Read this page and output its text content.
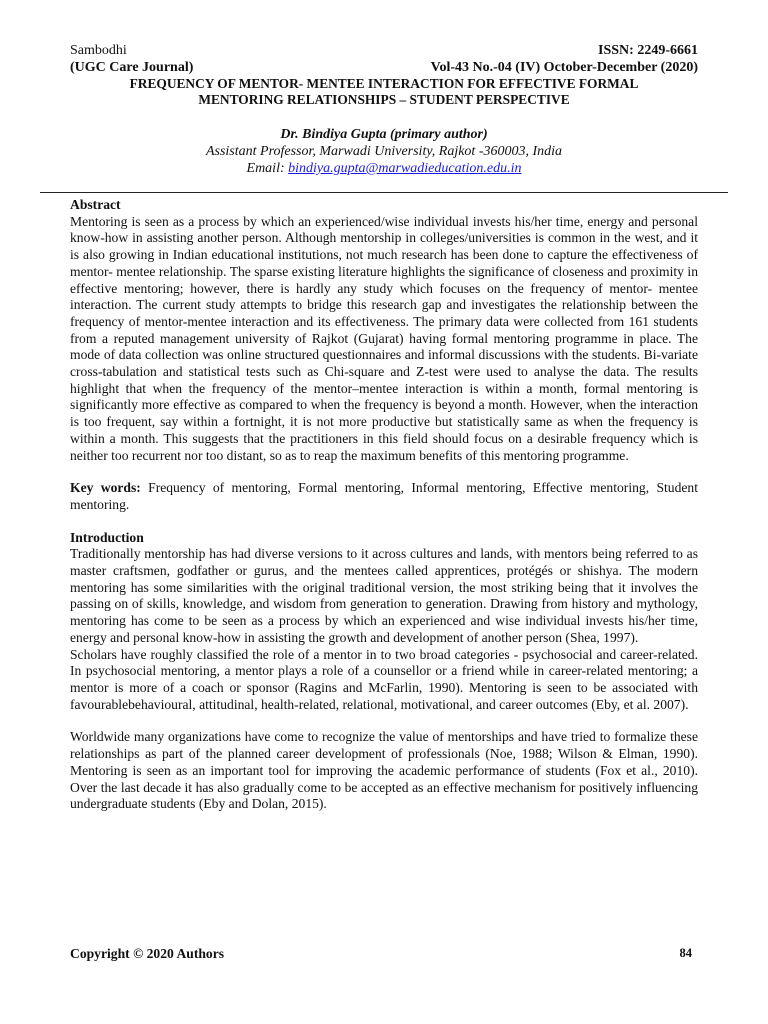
Sambodhi	ISSN: 2249-6661
(UGC Care Journal)	Vol-43 No.-04 (IV) October-December (2020)
FREQUENCY OF MENTOR- MENTEE INTERACTION FOR EFFECTIVE FORMAL
MENTORING RELATIONSHIPS – STUDENT PERSPECTIVE
Dr. Bindiya Gupta (primary author)
Assistant Professor, Marwadi University, Rajkot -360003, India
Email: bindiya.gupta@marwadieducation.edu.in
Abstract

Mentoring is seen as a process by which an experienced/wise individual invests his/her time, energy and personal know-how in assisting another person. Although mentorship in colleges/universities is common in the west, and it is also growing in Indian educational institutions, not much research has been done to capture the effectiveness of mentor- mentee relationship. The sparse existing literature highlights the significance of closeness and proximity in effective mentoring; however, there is hardly any study which focuses on the frequency of mentor- mentee interaction. The current study attempts to bridge this research gap and investigates the relationship between the frequency of mentor-mentee interaction and its effectiveness. The primary data were collected from 161 students from a reputed management university of Rajkot (Gujarat) having formal mentoring programme in place. The mode of data collection was online structured questionnaires and informal discussions with the students. Bi-variate cross-tabulation and statistical tests such as Chi-square and Z-test were used to analyse the data. The results highlight that when the frequency of the mentor–mentee interaction is within a month, formal mentoring is significantly more effective as compared to when the frequency is beyond a month. However, when the interaction is too frequent, say within a fortnight, it is not more productive but statistically same as when the frequency is within a month. This suggests that the practitioners in this field should focus on a desirable frequency which is neither too recurrent nor too distant, so as to reap the maximum benefits of this mentoring programme.

Key words: Frequency of mentoring, Formal mentoring, Informal mentoring, Effective mentoring, Student mentoring.

Introduction

Traditionally mentorship has had diverse versions to it across cultures and lands, with mentors being referred to as master craftsmen, godfather or gurus, and the mentees called apprentices, protégés or shishya. The modern mentoring has some similarities with the original traditional version, the most striking being that it involves the passing on of skills, knowledge, and wisdom from generation to generation. Drawing from history and mythology, mentoring has come to be seen as a process by which an experienced and wise individual invests his/her time, energy and personal know-how in assisting the growth and development of another person (Shea, 1997).

Scholars have roughly classified the role of a mentor in to two broad categories - psychosocial and career-related. In psychosocial mentoring, a mentor plays a role of a counsellor or a friend while in career-related mentoring; a mentor is more of a coach or sponsor (Ragins and McFarlin, 1990). Mentoring is seen to be associated with favourablebehavioural, attitudinal, health-related, relational, motivational, and career outcomes (Eby, et al. 2007).

Worldwide many organizations have come to recognize the value of mentorships and have tried to formalize these relationships as part of the planned career development of professionals (Noe, 1988; Wilson & Elman, 1990). Mentoring is seen as an important tool for improving the academic performance of students (Fox et al., 2010). Over the last decade it has also gradually come to be accepted as an effective mechanism for positively influencing undergraduate students (Eby and Dolan, 2015).

Copyright © 2020 Authors	84
